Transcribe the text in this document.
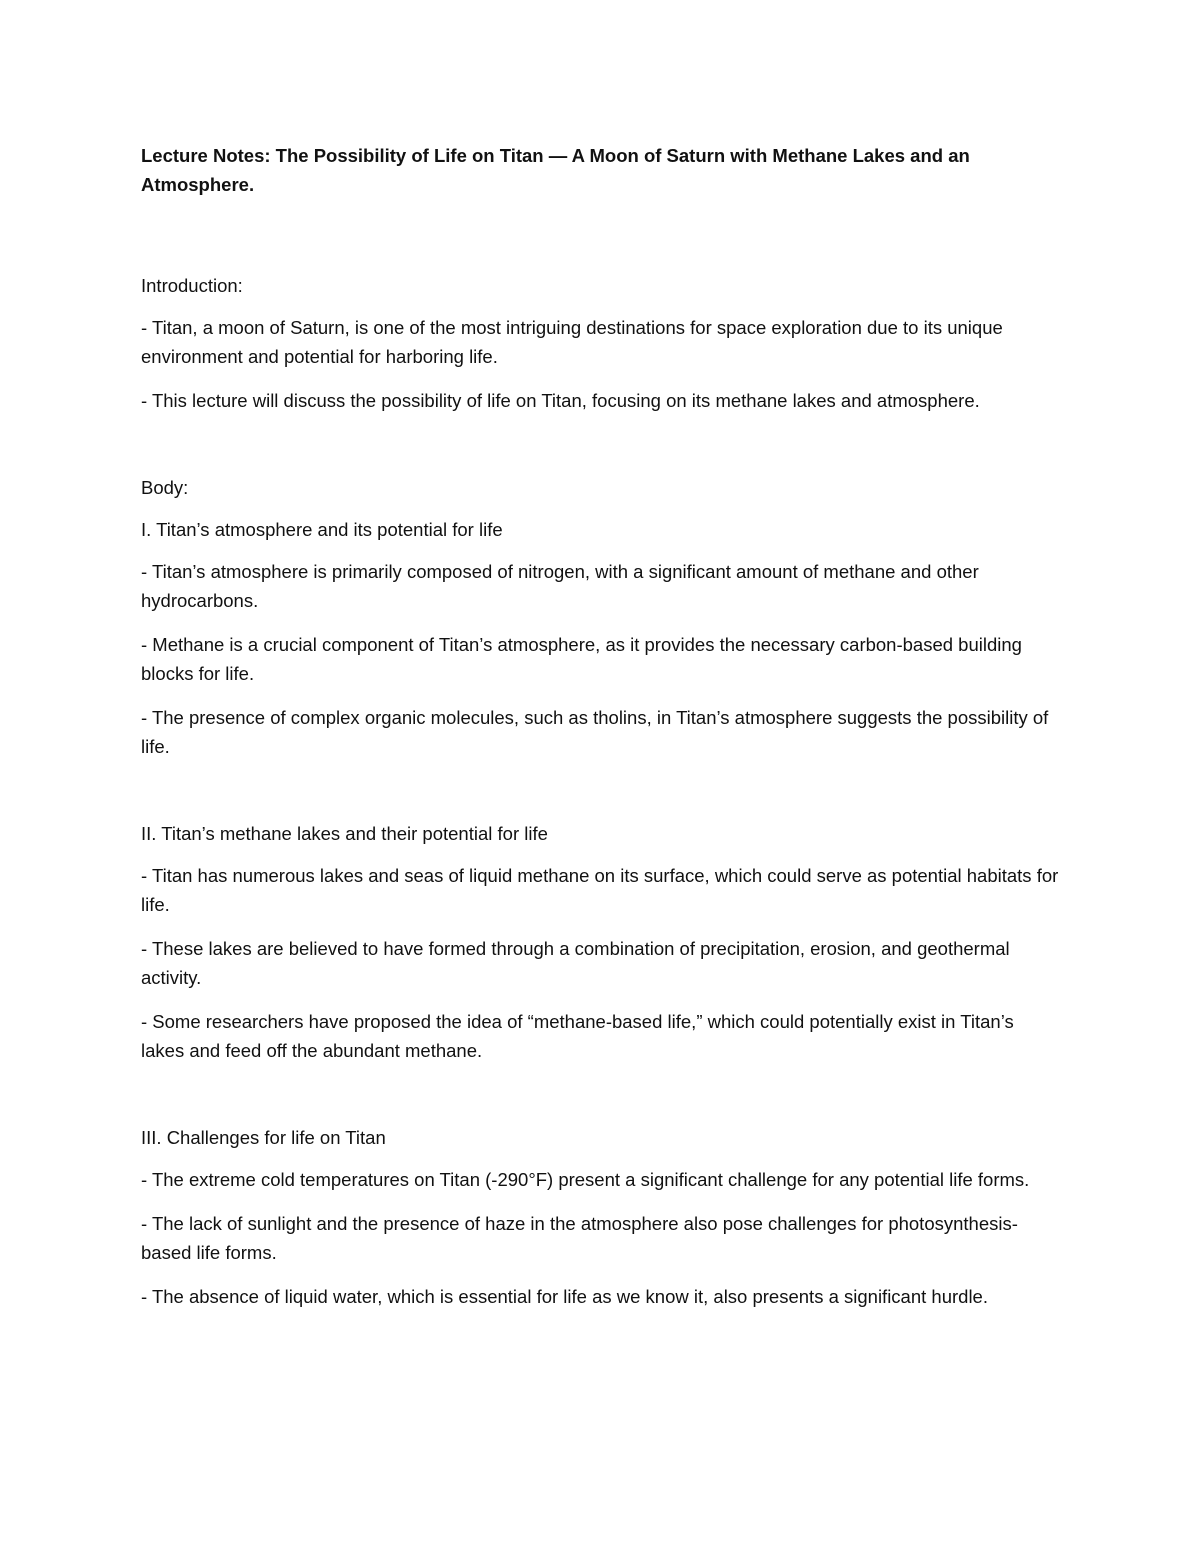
Lecture Notes: The Possibility of Life on Titan — A Moon of Saturn with Methane Lakes and an Atmosphere.

Introduction:

- Titan, a moon of Saturn, is one of the most intriguing destinations for space exploration due to its unique environment and potential for harboring life.

- This lecture will discuss the possibility of life on Titan, focusing on its methane lakes and atmosphere.

Body:

I. Titan’s atmosphere and its potential for life

- Titan’s atmosphere is primarily composed of nitrogen, with a significant amount of methane and other hydrocarbons.

- Methane is a crucial component of Titan’s atmosphere, as it provides the necessary carbon-based building blocks for life.

- The presence of complex organic molecules, such as tholins, in Titan’s atmosphere suggests the possibility of life.

II. Titan’s methane lakes and their potential for life

- Titan has numerous lakes and seas of liquid methane on its surface, which could serve as potential habitats for life.

- These lakes are believed to have formed through a combination of precipitation, erosion, and geothermal activity.

- Some researchers have proposed the idea of “methane-based life,” which could potentially exist in Titan’s lakes and feed off the abundant methane.

III. Challenges for life on Titan

- The extreme cold temperatures on Titan (-290°F) present a significant challenge for any potential life forms.

- The lack of sunlight and the presence of haze in the atmosphere also pose challenges for photosynthesis-based life forms.

- The absence of liquid water, which is essential for life as we know it, also presents a significant hurdle.
